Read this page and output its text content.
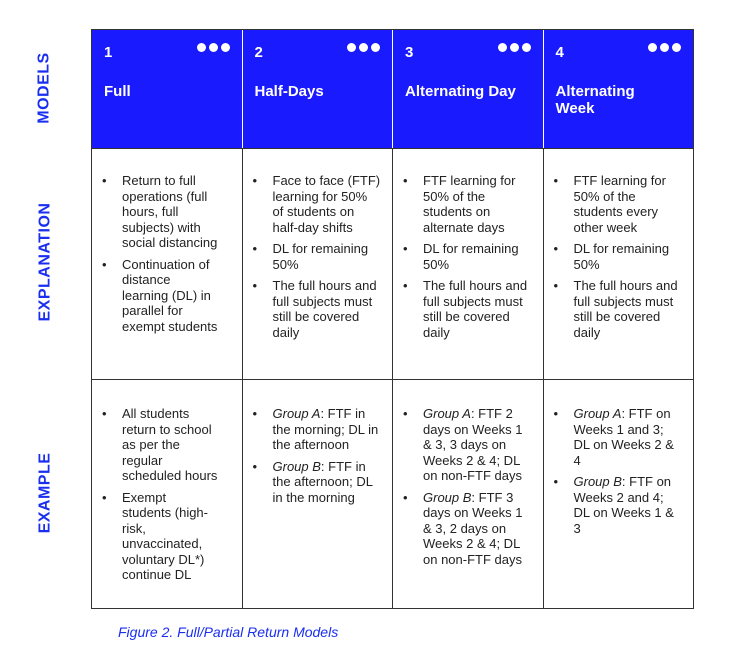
MODELS
EXPLANATION
EXAMPLE
1
Full
2
Half-Days
3
Alternating Day
4
Alternating Week
• Return to full operations (full hours, full subjects) with social distancing
• Continuation of distance learning (DL) in parallel for exempt students
• Face to face (FTF) learning for 50% of students on half-day shifts
• DL for remaining 50%
• The full hours and full subjects must still be covered daily
• FTF learning for 50% of the students on alternate days
• DL for remaining 50%
• The full hours and full subjects must still be covered daily
• FTF learning for 50% of the students every other week
• DL for remaining 50%
• The full hours and full subjects must still be covered daily
• All students return to school as per the regular scheduled hours
• Exempt students (high-risk, unvaccinated, voluntary DL*) continue DL
• Group A: FTF in the morning; DL in the afternoon
• Group B: FTF in the afternoon; DL in the morning
• Group A: FTF 2 days on Weeks 1 & 3, 3 days on Weeks 2 & 4; DL on non-FTF days
• Group B: FTF 3 days on Weeks 1 & 3, 2 days on Weeks 2 & 4; DL on non-FTF days
• Group A: FTF on Weeks 1 and 3; DL on Weeks 2 & 4
• Group B: FTF on Weeks 2 and 4; DL on Weeks 1 & 3
Figure 2. Full/Partial Return Models
